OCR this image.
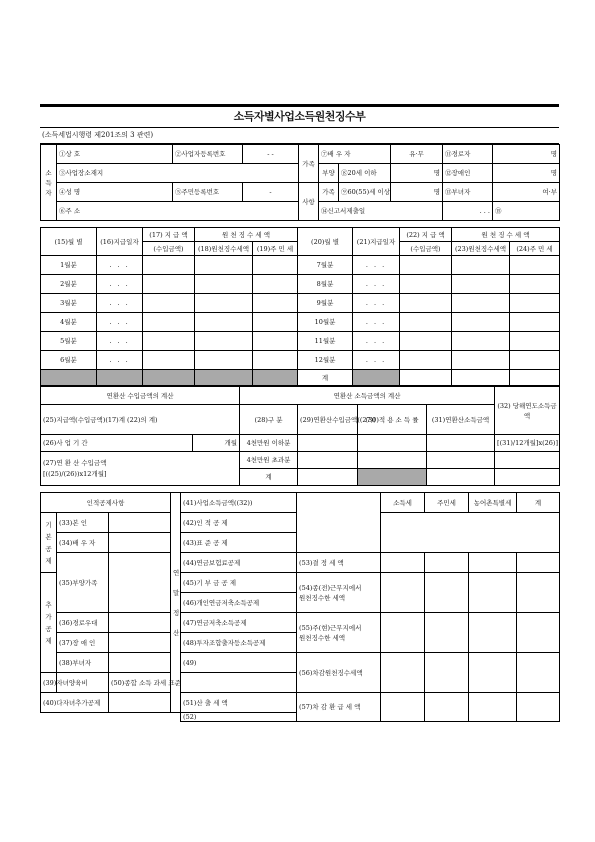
소득자별사업소득원천징수부
(소득세법시행령 제201조의 3 관련)
소득자	①상 호	②사업자등록번호	- -	가족	⑦배 우 자		유·무	⑪경로자	명
	③사업장소재지				부양	⑧20세 이하	명	⑫장애인	명
	④성 명	⑤주민등록번호	-	사항	가족	⑨60(55)세 이상	명	⑬부녀자	여·부
	⑥주 소				⑭신고서제출일			. . .	⑮
(15)월 별	(16)지급일자	(17) 지 급 액	원 천 징 수 세 액		(20)월 별	(21)지급일자	(22) 지 급 액	원 천 징 수 세 액	
		(수입금액)	(18)원천징수세액	(19)주 민 세			(수입금액)	(23)원천징수세액	(24)주 민 세
1월분	. . .				7월분	. . .			
2월분	. . .				8월분	. . .			
3월분	. . .				9월분	. . .			
4월분	. . .				10월분	. . .			
5월분	. . .				11월분	. . .			
6월분	. . .				12월분	. . .			
					계				
연환산 수입금액의 계산		연환산 소득금액의 계산				(32) 당해연도소득금액
(25)지급액(수입금액)(17)계 (22)의 계)		(28)구 분	(29)연환산수입금액((27))	(30)적 용 소 득 률	(31)연환산소득금액	
(26)사 업 기 간	개월	4천만원 이하분				[(31)/12개월]x(26)]

(27)연 환 산 수입금액
[((25)/(26))x12개월]		4천만원 초과분				
		계				
인적공제사항			연말정산	(41)사업소득금액((32))		소득세	주민세	농어촌특별세	계
기본공제	(33)본 인			(42)인 적 공 제					
	(34)배 우 자			(43)표 준 공 제					
	(35)부양가족			(44)연금보험료공제	(53)결 정 세 액				
추가공제				(45)기 부 금 공 제	(54)종(전)근무지에서
원천징수한 세액				

				(46)개인연금저축소득공제					
	(36)경로우대			(47)연금저축소득공제	(55)주(현)근무지에서
원천징수한 세액				

	(37)장 애 인			(48)투자조합출자등소득공제					
	(38)부녀자			(49)	(56)차감원천징수세액				
(39)자녀양육비		(50)종합 소득 과세 표준							
(40)다자녀추가공제				(51)산 출 세 액	(57)차 감 환 급 세 액				
				(52)					
